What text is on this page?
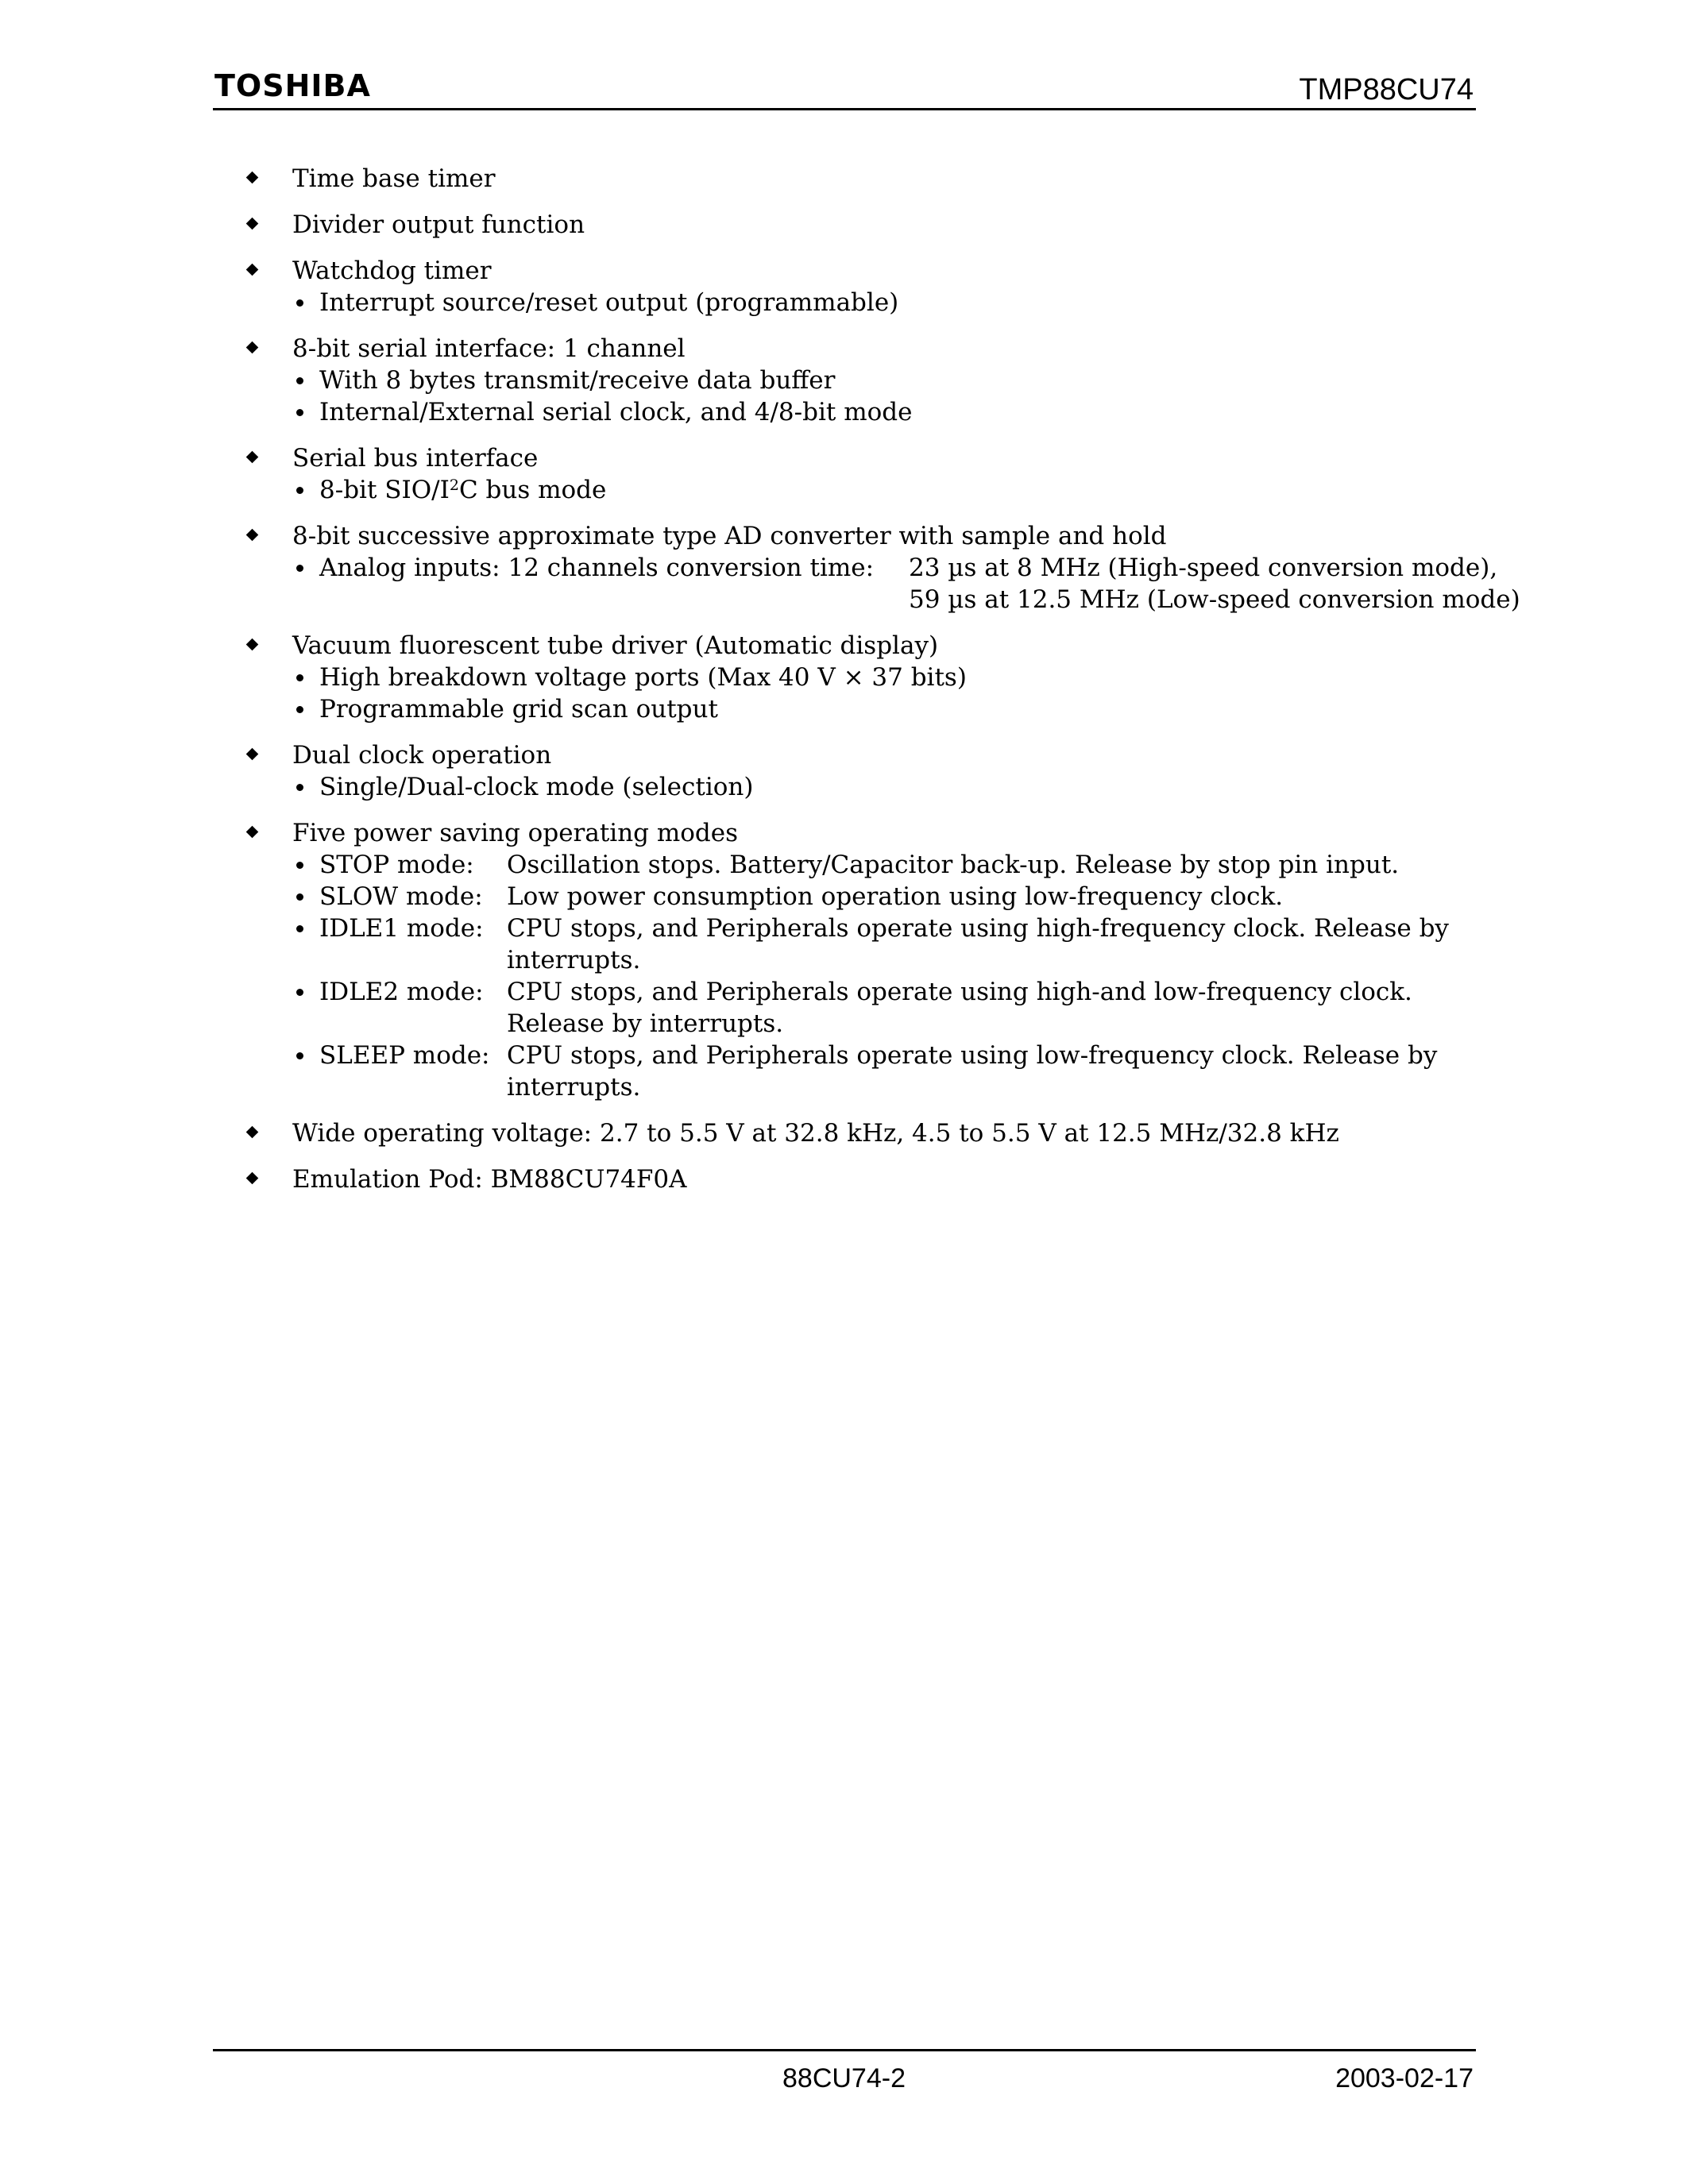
TOSHIBA	TMP88CU74
Time base timer
Divider output function
Watchdog timer
Interrupt source/reset output (programmable)
8-bit serial interface: 1 channel
With 8 bytes transmit/receive data buffer
Internal/External serial clock, and 4/8-bit mode
Serial bus interface
8-bit SIO/$I^2C$ bus mode
8-bit successive approximate type AD converter with sample and hold
Analog inputs: 12 channels conversion time:	23 µs at 8 MHz (High-speed conversion mode),
59 µs at 12.5 MHz (Low-speed conversion mode)
Vacuum fluorescent tube driver (Automatic display)
High breakdown voltage ports (Max 40 V × 37 bits)
Programmable grid scan output
Dual clock operation
Single/Dual-clock mode (selection)
Five power saving operating modes
STOP mode:	Oscillation stops. Battery/Capacitor back-up. Release by stop pin input.
SLOW mode: Low power consumption operation using low-frequency clock.
IDLE1 mode: CPU stops, and Peripherals operate using high-frequency clock. Release by interrupts.
IDLE2 mode: CPU stops, and Peripherals operate using high-and low-frequency clock. Release by interrupts.
SLEEP mode: CPU stops, and Peripherals operate using low-frequency clock. Release by interrupts.
Wide operating voltage: 2.7 to 5.5 V at 32.8 kHz, 4.5 to 5.5 V at 12.5 MHz/32.8 kHz
Emulation Pod: BM88CU74F0A
88CU74-2	2003-02-17
